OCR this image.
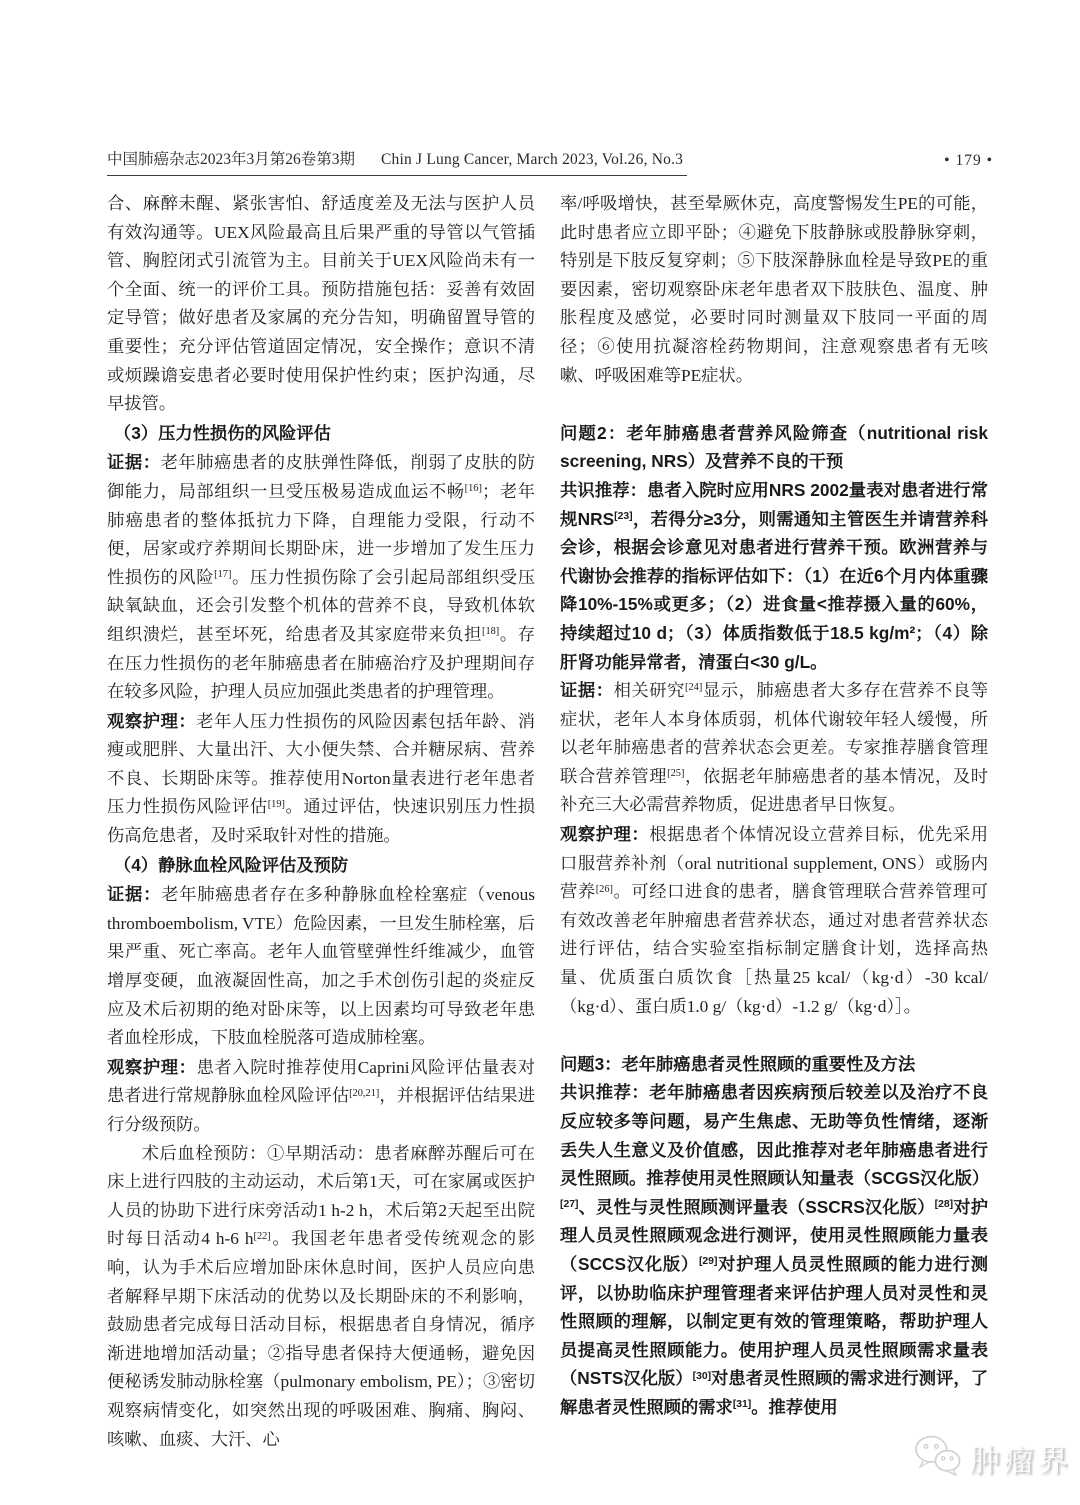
中国肺癌杂志2023年3月第26卷第3期 Chin J Lung Cancer, March 2023, Vol.26, No.3	• 179 •

合、麻醉未醒、紧张害怕、舒适度差及无法与医护人员有效沟通等。UEX风险最高且后果严重的导管以气管插管、胸腔闭式引流管为主。目前关于UEX风险尚未有一个全面、统一的评价工具。预防措施包括：妥善有效固定导管；做好患者及家属的充分告知，明确留置导管的重要性；充分评估管道固定情况，安全操作；意识不清或烦躁谵妄患者必要时使用保护性约束；医护沟通，尽早拔管。

（3）压力性损伤的风险评估

证据：老年肺癌患者的皮肤弹性降低，削弱了皮肤的防御能力，局部组织一旦受压极易造成血运不畅[16]；老年肺癌患者的整体抵抗力下降，自理能力受限，行动不便，居家或疗养期间长期卧床，进一步增加了发生压力性损伤的风险[17]。压力性损伤除了会引起局部组织受压缺氧缺血，还会引发整个机体的营养不良，导致机体软组织溃烂，甚至坏死，给患者及其家庭带来负担[18]。存在压力性损伤的老年肺癌患者在肺癌治疗及护理期间存在较多风险，护理人员应加强此类患者的护理管理。

观察护理：老年人压力性损伤的风险因素包括年龄、消瘦或肥胖、大量出汗、大小便失禁、合并糖尿病、营养不良、长期卧床等。推荐使用Norton量表进行老年患者压力性损伤风险评估[19]。通过评估，快速识别压力性损伤高危患者，及时采取针对性的措施。

（4）静脉血栓风险评估及预防

证据：老年肺癌患者存在多种静脉血栓栓塞症（venous thromboembolism, VTE）危险因素，一旦发生肺栓塞，后果严重、死亡率高。老年人血管壁弹性纤维减少，血管增厚变硬，血液凝固性高，加之手术创伤引起的炎症反应及术后初期的绝对卧床等，以上因素均可导致老年患者血栓形成，下肢血栓脱落可造成肺栓塞。

观察护理：患者入院时推荐使用Caprini风险评估量表对患者进行常规静脉血栓风险评估[20,21]，并根据评估结果进行分级预防。

术后血栓预防：①早期活动：患者麻醉苏醒后可在床上进行四肢的主动运动，术后第1天，可在家属或医护人员的协助下进行床旁活动1 h-2 h，术后第2天起至出院时每日活动4 h-6 h[22]。我国老年患者受传统观念的影响，认为手术后应增加卧床休息时间，医护人员应向患者解释早期下床活动的优势以及长期卧床的不利影响，鼓励患者完成每日活动目标，根据患者自身情况，循序渐进地增加活动量；②指导患者保持大便通畅，避免因便秘诱发肺动脉栓塞（pulmonary embolism, PE）；③密切观察病情变化，如突然出现的呼吸困难、胸痛、胸闷、咳嗽、血痰、大汗、心

率/呼吸增快，甚至晕厥休克，高度警惕发生PE的可能，此时患者应立即平卧；④避免下肢静脉或股静脉穿刺，特别是下肢反复穿刺；⑤下肢深静脉血栓是导致PE的重要因素，密切观察卧床老年患者双下肢肤色、温度、肿胀程度及感觉，必要时同时测量双下肢同一平面的周径；⑥使用抗凝溶栓药物期间，注意观察患者有无咳嗽、呼吸困难等PE症状。

问题2：老年肺癌患者营养风险筛查（nutritional risk screening, NRS）及营养不良的干预

共识推荐：患者入院时应用NRS 2002量表对患者进行常规NRS[23]，若得分≥3分，则需通知主管医生并请营养科会诊，根据会诊意见对患者进行营养干预。欧洲营养与代谢协会推荐的指标评估如下：（1）在近6个月内体重骤降10%-15%或更多；（2）进食量<推荐摄入量的60%，持续超过10 d；（3）体质指数低于18.5 kg/m²；（4）除肝肾功能异常者，清蛋白<30 g/L。

证据：相关研究[24]显示，肺癌患者大多存在营养不良等症状，老年人本身体质弱，机体代谢较年轻人缓慢，所以老年肺癌患者的营养状态会更差。专家推荐膳食管理联合营养管理[25]，依据老年肺癌患者的基本情况，及时补充三大必需营养物质，促进患者早日恢复。

观察护理：根据患者个体情况设立营养目标，优先采用口服营养补剂（oral nutritional supplement, ONS）或肠内营养[26]。可经口进食的患者，膳食管理联合营养管理可有效改善老年肿瘤患者营养状态，通过对患者营养状态进行评估，结合实验室指标制定膳食计划，选择高热量、优质蛋白质饮食［热量25 kcal/（kg·d）-30 kcal/（kg·d）、蛋白质1.0 g/（kg·d）-1.2 g/（kg·d）］。

问题3：老年肺癌患者灵性照顾的重要性及方法

共识推荐：老年肺癌患者因疾病预后较差以及治疗不良反应较多等问题，易产生焦虑、无助等负性情绪，逐渐丢失人生意义及价值感，因此推荐对老年肺癌患者进行灵性照顾。推荐使用灵性照顾认知量表（SCGS汉化版）[27]、灵性与灵性照顾测评量表（SSCRS汉化版）[28]对护理人员灵性照顾观念进行测评，使用灵性照顾能力量表（SCCS汉化版）[29]对护理人员灵性照顾的能力进行测评，以协助临床护理管理者来评估护理人员对灵性和灵性照顾的理解，以制定更有效的管理策略，帮助护理人员提高灵性照顾能力。使用护理人员灵性照顾需求量表（NSTS汉化版）[30]对患者灵性照顾的需求进行测评，了解患者灵性照顾的需求[31]。推荐使用

肿瘤界
